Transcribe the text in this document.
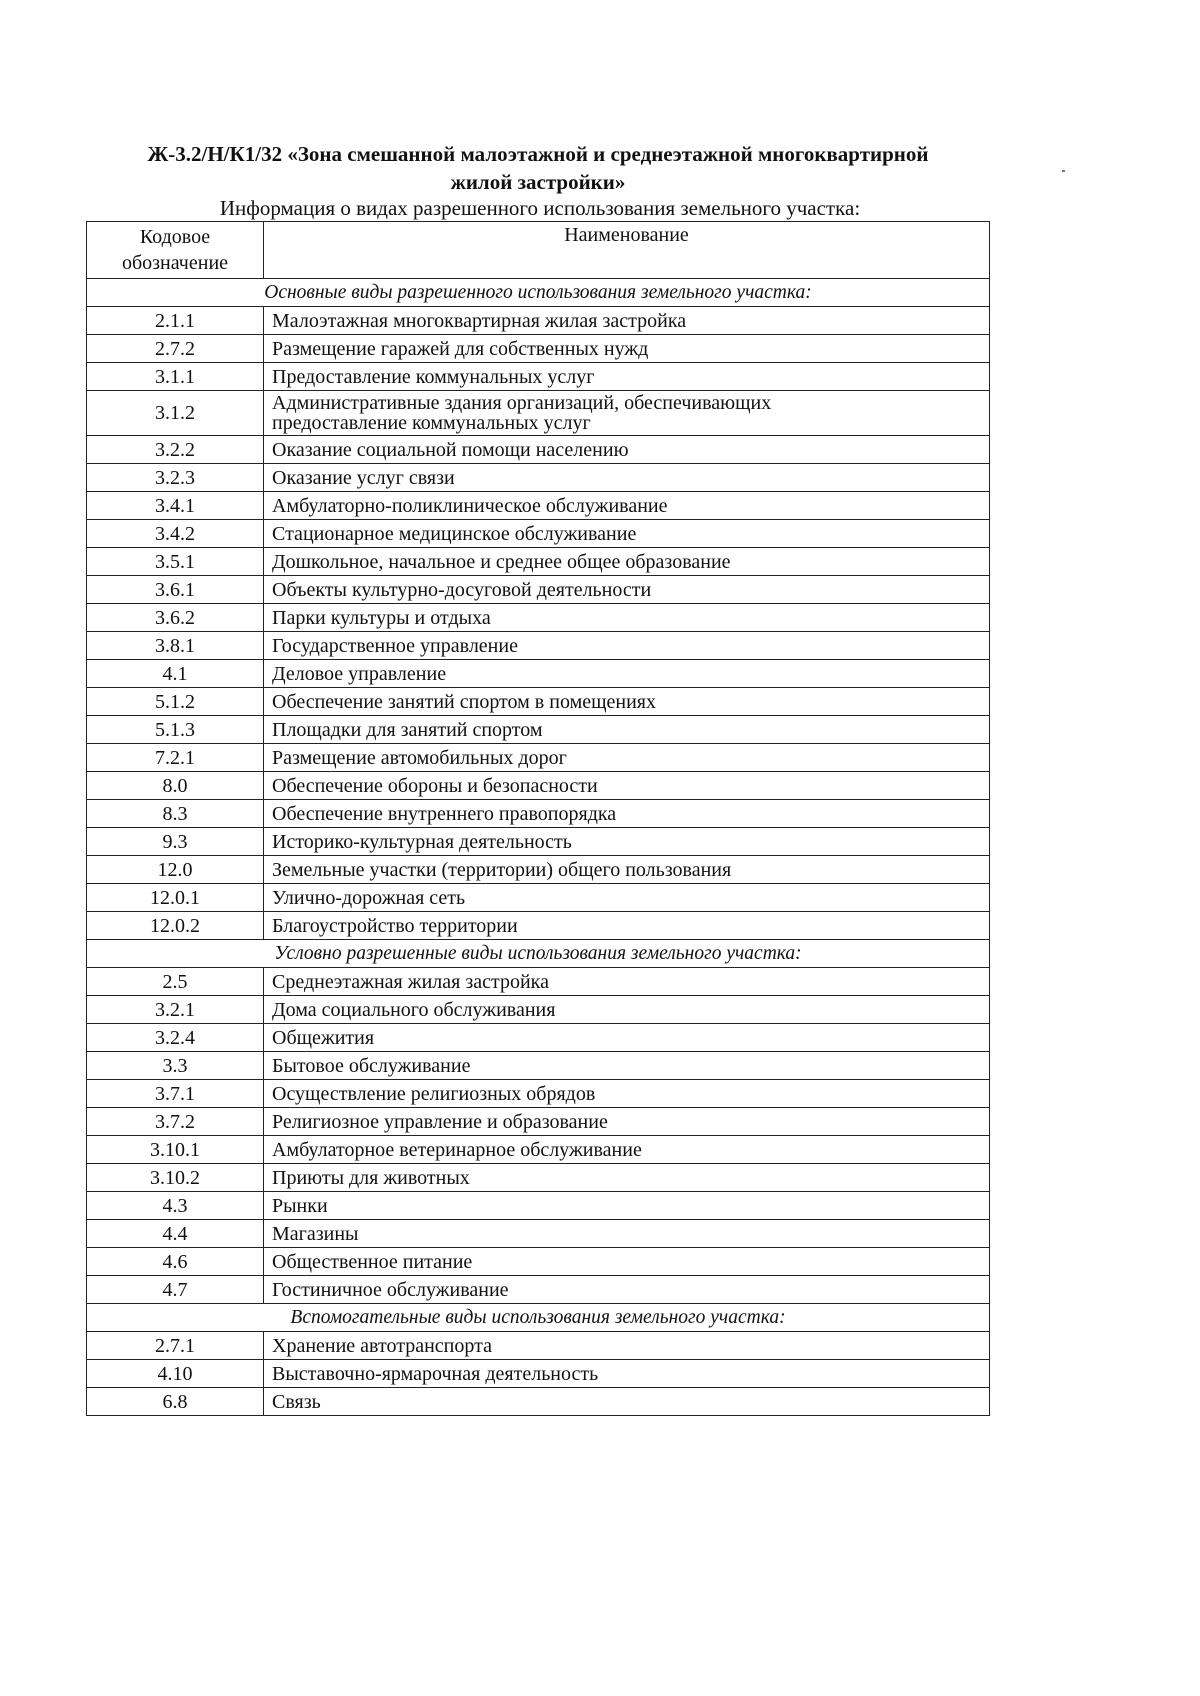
Ж-3.2/Н/К1/32 «Зона смешанной малоэтажной и среднеэтажной многоквартирной
жилой застройки»
Информация о видах разрешенного использования земельного участка:
Кодовое
обозначение	Наименование
Основные виды разрешенного использования земельного участка:	
2.1.1	Малоэтажная многоквартирная жилая застройка
2.7.2	Размещение гаражей для собственных нужд
3.1.1	Предоставление коммунальных услуг
3.1.2	Административные здания организаций, обеспечивающих
предоставление коммунальных услуг

3.2.2	Оказание социальной помощи населению
3.2.3	Оказание услуг связи
3.4.1	Амбулаторно-поликлиническое обслуживание
3.4.2	Стационарное медицинское обслуживание
3.5.1	Дошкольное, начальное и среднее общее образование
3.6.1	Объекты культурно-досуговой деятельности
3.6.2	Парки культуры и отдыха
3.8.1	Государственное управление
4.1	Деловое управление
5.1.2	Обеспечение занятий спортом в помещениях
5.1.3	Площадки для занятий спортом
7.2.1	Размещение автомобильных дорог
8.0	Обеспечение обороны и безопасности
8.3	Обеспечение внутреннего правопорядка
9.3	Историко-культурная деятельность
12.0	Земельные участки (территории) общего пользования
12.0.1	Улично-дорожная сеть
12.0.2	Благоустройство территории
Условно разрешенные виды использования земельного участка:	
2.5	Среднеэтажная жилая застройка
3.2.1	Дома социального обслуживания
3.2.4	Общежития
3.3	Бытовое обслуживание
3.7.1	Осуществление религиозных обрядов
3.7.2	Религиозное управление и образование
3.10.1	Амбулаторное ветеринарное обслуживание
3.10.2	Приюты для животных
4.3	Рынки
4.4	Магазины
4.6	Общественное питание
4.7	Гостиничное обслуживание
Вспомогательные виды использования земельного участка:	
2.7.1	Хранение автотранспорта
4.10	Выставочно-ярмарочная деятельность
6.8	Связь
